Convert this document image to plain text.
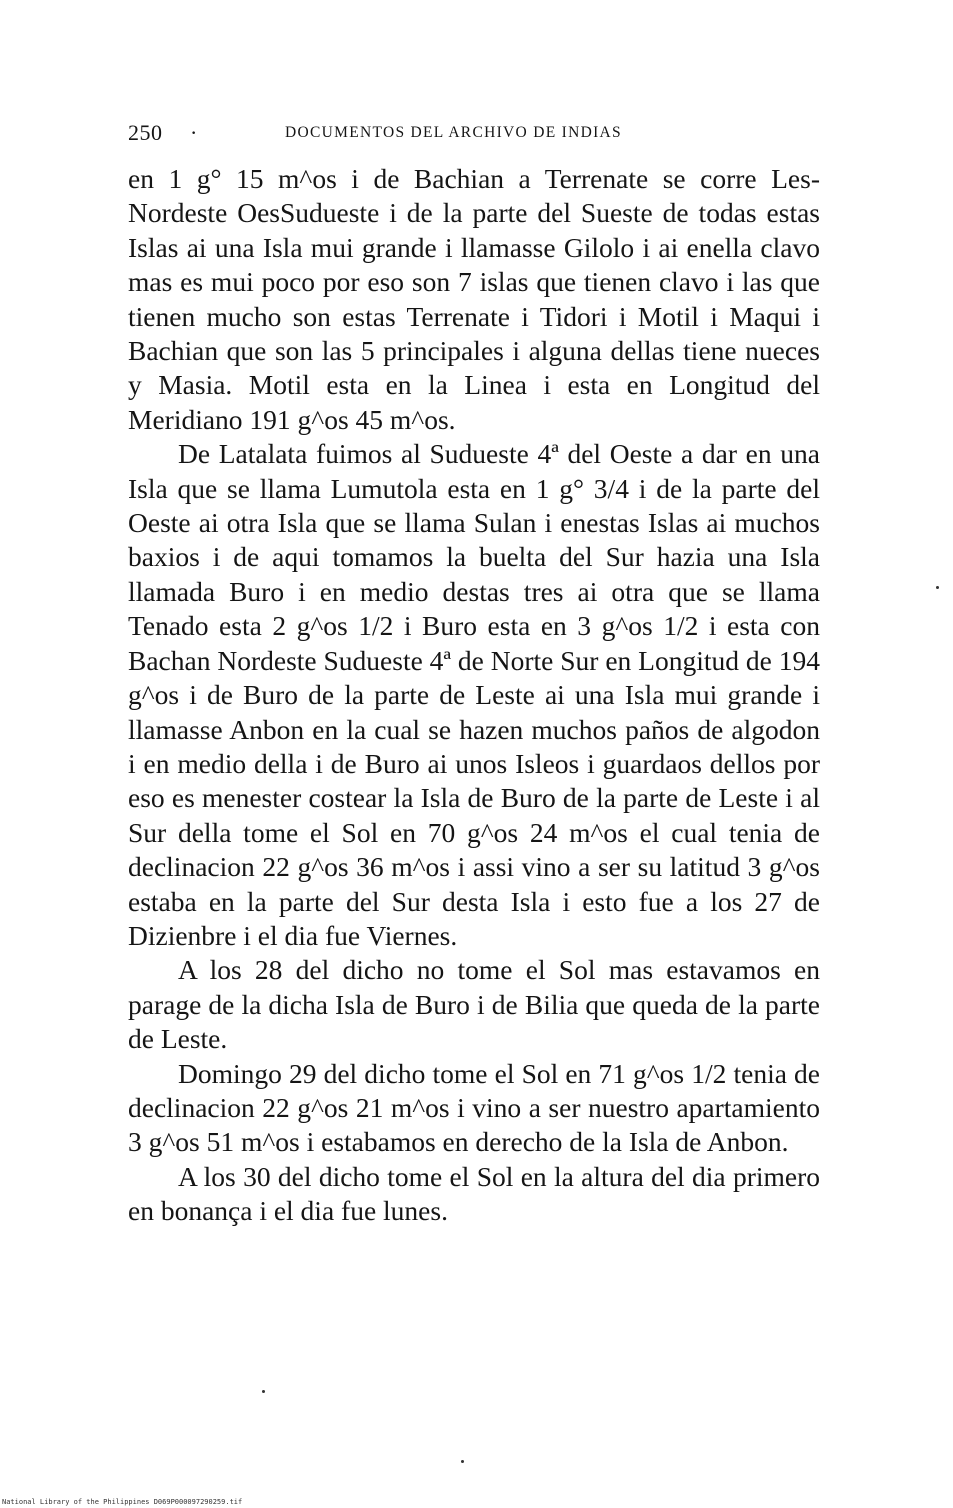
250 ·	DOCUMENTOS DEL ARCHIVO DE INDIAS

en 1 g° 15 m^os i de Bachian a Terrenate se corre Les-Nordeste OesSudueste i de la parte del Sueste de todas estas Islas ai una Isla mui grande i llamasse Gilolo i ai enella clavo mas es mui poco por eso son 7 islas que tienen clavo i las que tienen mucho son estas Terrenate i Tidori i Motil i Maqui i Bachian que son las 5 principales i alguna dellas tiene nueces y Masia. Motil esta en la Linea i esta en Longitud del Meridiano 191 g^os 45 m^os.

De Latalata fuimos al Sudueste 4ª del Oeste a dar en una Isla que se llama Lumutola esta en 1 g° 3/4 i de la parte del Oeste ai otra Isla que se llama Sulan i enestas Islas ai muchos baxios i de aqui tomamos la buelta del Sur hazia una Isla llamada Buro i en medio destas tres ai otra que se llama Tenado esta 2 g^os 1/2 i Buro esta en 3 g^os 1/2 i esta con Bachan Nordeste Sudueste 4ª de Norte Sur en Longitud de 194 g^os i de Buro de la parte de Leste ai una Isla mui grande i llamasse Anbon en la cual se hazen muchos paños de algodon i en medio della i de Buro ai unos Isleos i guardaos dellos por eso es menester costear la Isla de Buro de la parte de Leste i al Sur della tome el Sol en 70 g^os 24 m^os el cual tenia de declinacion 22 g^os 36 m^os i assi vino a ser su latitud 3 g^os estaba en la parte del Sur desta Isla i esto fue a los 27 de Dizienbre i el dia fue Viernes.

A los 28 del dicho no tome el Sol mas estavamos en parage de la dicha Isla de Buro i de Bilia que queda de la parte de Leste.

Domingo 29 del dicho tome el Sol en 71 g^os 1/2 tenia de declinacion 22 g^os 21 m^os i vino a ser nuestro apartamiento 3 g^os 51 m^os i estabamos en derecho de la Isla de Anbon.

A los 30 del dicho tome el Sol en la altura del dia primero en bonança i el dia fue lunes.

National Library of the Philippines D069P000097290259.tif
